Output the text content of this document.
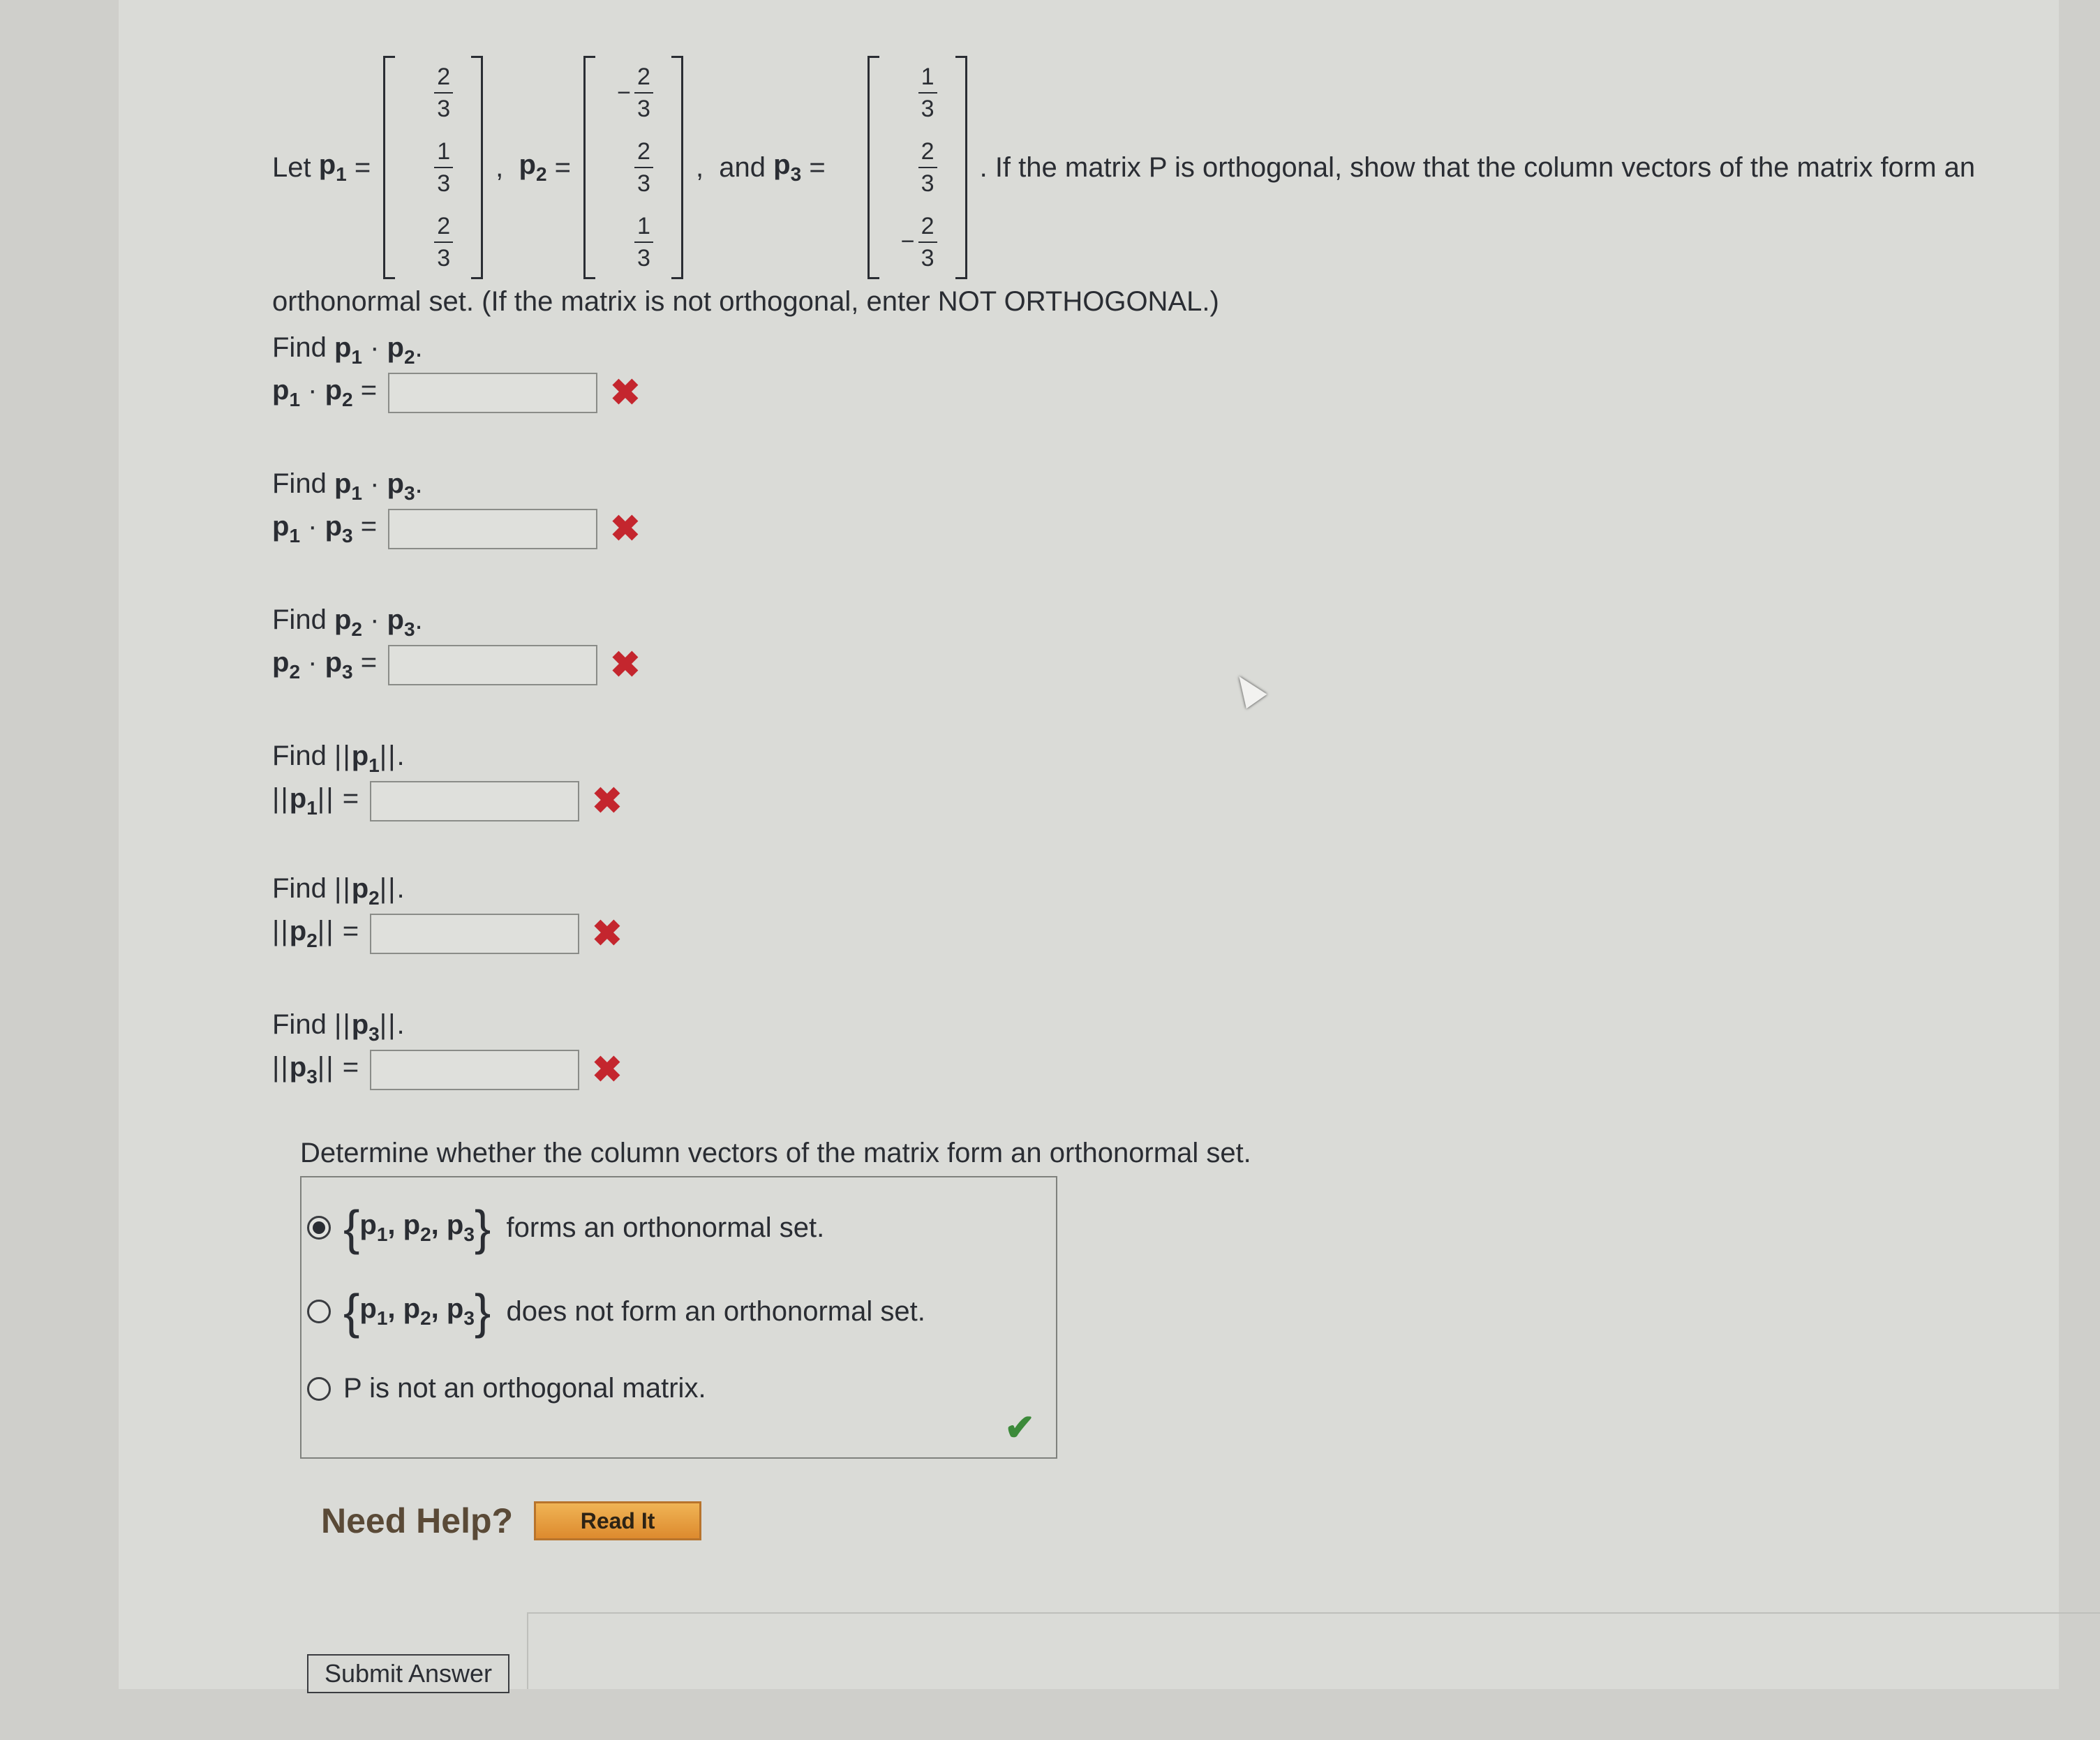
Let
$p_1$
=
$\frac{2}{3}$
$\frac{1}{3}$
$\frac{2}{3}$
,
$p_2$
=
− $\frac{2}{3}$
$\frac{2}{3}$
$\frac{1}{3}$
,
and
$p_3$
=
$\frac{1}{3}$
$\frac{2}{3}$
− $\frac{2}{3}$
. If the matrix P is orthogonal, show that the column vectors of the matrix form an
orthonormal set. (If the matrix is not orthogonal, enter NOT ORTHOGONAL.)
Find $p_1 \cdot p_2$.
$p_1 \cdot p_2$ =	✖
Find $p_1 \cdot p_3$.
$p_1 \cdot p_3$ =	✖
Find $p_2 \cdot p_3$.
$p_2 \cdot p_3$ =	✖
Find $||p_1||$.
$||p_1||$ =	✖
Find $||p_2||$.
$||p_2||$ =	✖
Find $||p_3||$.
$||p_3||$ =	✖
Determine whether the column vectors of the matrix form an orthonormal set.
{ $p_1$, $p_2$, $p_3$ }
forms an orthonormal set.
{ $p_1$, $p_2$, $p_3$ }
does not form an orthonormal set.
P is not an orthogonal matrix.
✔
Need Help?	Read It
Submit Answer
